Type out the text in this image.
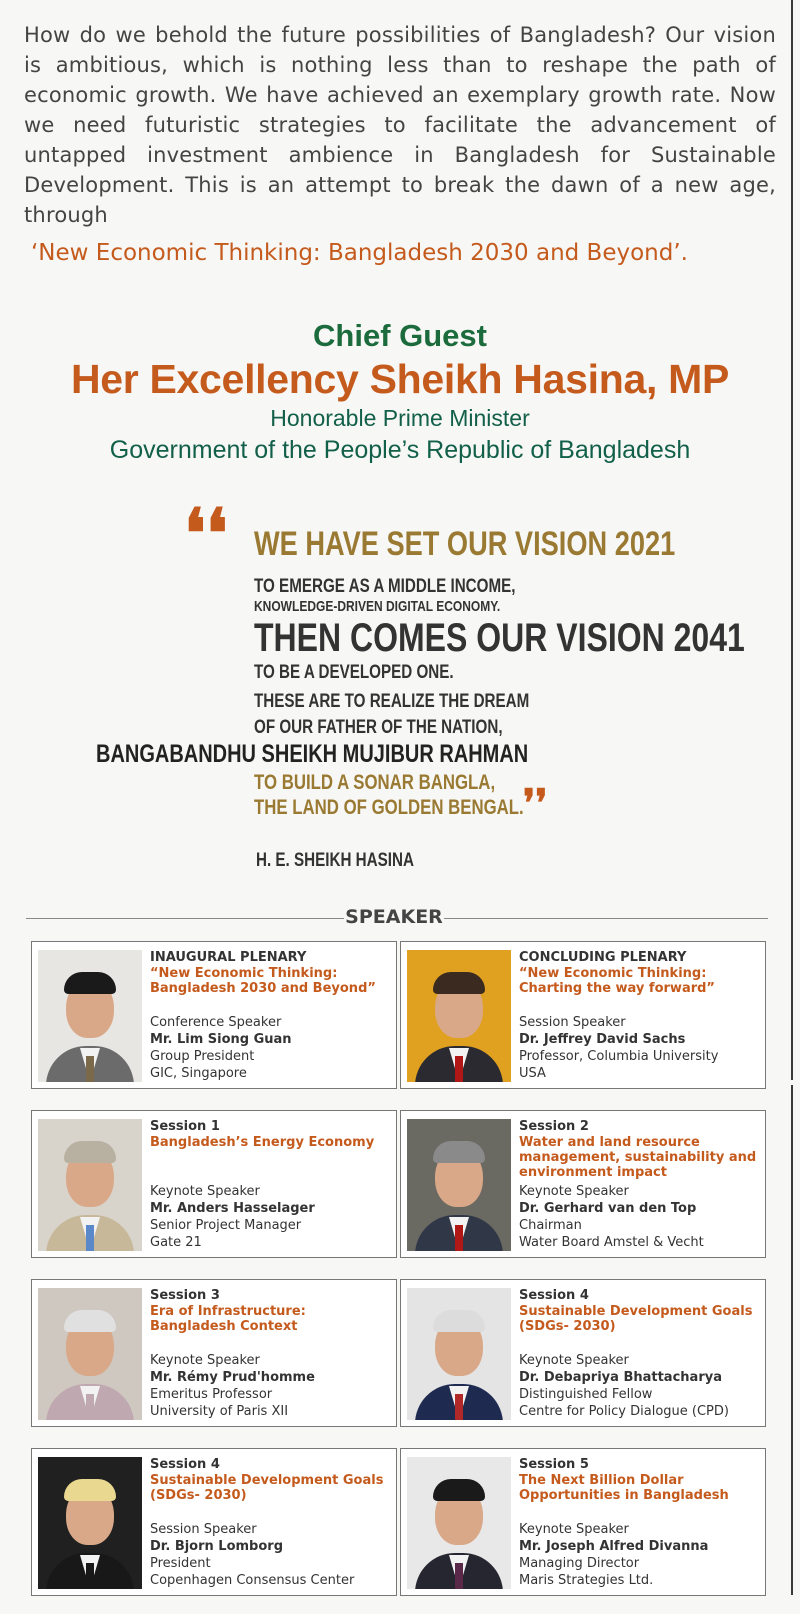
How do we behold the future possibilities of Bangladesh? Our vision is ambitious, which is nothing less than to reshape the path of economic growth. We have achieved an exemplary growth rate. Now we need futuristic strategies to facilitate the advancement of untapped investment ambience in Bangladesh for Sustainable Development. This is an attempt to break the dawn of a new age, through
‘New Economic Thinking: Bangladesh 2030 and Beyond’.
Chief Guest
Her Excellency Sheikh Hasina, MP
Honorable Prime Minister
Government of the People’s Republic of Bangladesh
❛❛ WE HAVE SET OUR VISION 2021
TO EMERGE AS A MIDDLE INCOME,
KNOWLEDGE-DRIVEN DIGITAL ECONOMY.
THEN COMES OUR VISION 2041
TO BE A DEVELOPED ONE.
THESE ARE TO REALIZE THE DREAM
OF OUR FATHER OF THE NATION,
BANGABANDHU SHEIKH MUJIBUR RAHMAN
TO BUILD A SONAR BANGLA,
THE LAND OF GOLDEN BENGAL. ❜❜
H. E. SHEIKH HASINA
SPEAKER
INAUGURAL PLENARY
“New Economic Thinking:
Bangladesh 2030 and Beyond”
Conference Speaker
Mr. Lim Siong Guan
Group President
GIC, Singapore
CONCLUDING PLENARY
“New Economic Thinking:
Charting the way forward”
Session Speaker
Dr. Jeffrey David Sachs
Professor, Columbia University
USA
Session 1
Bangladesh’s Energy Economy
Keynote Speaker
Mr. Anders Hasselager
Senior Project Manager
Gate 21
Session 2
Water and land resource
management, sustainability and
environment impact
Keynote Speaker
Dr. Gerhard van den Top
Chairman
Water Board Amstel & Vecht
Session 3
Era of Infrastructure:
Bangladesh Context
Keynote Speaker
Mr. Rémy Prud'homme
Emeritus Professor
University of Paris XII
Session 4
Sustainable Development Goals
(SDGs- 2030)
Keynote Speaker
Dr. Debapriya Bhattacharya
Distinguished Fellow
Centre for Policy Dialogue (CPD)
Session 4
Sustainable Development Goals
(SDGs- 2030)
Session Speaker
Dr. Bjorn Lomborg
President
Copenhagen Consensus Center
Session 5
The Next Billion Dollar
Opportunities in Bangladesh
Keynote Speaker
Mr. Joseph Alfred Divanna
Managing Director
Maris Strategies Ltd.
